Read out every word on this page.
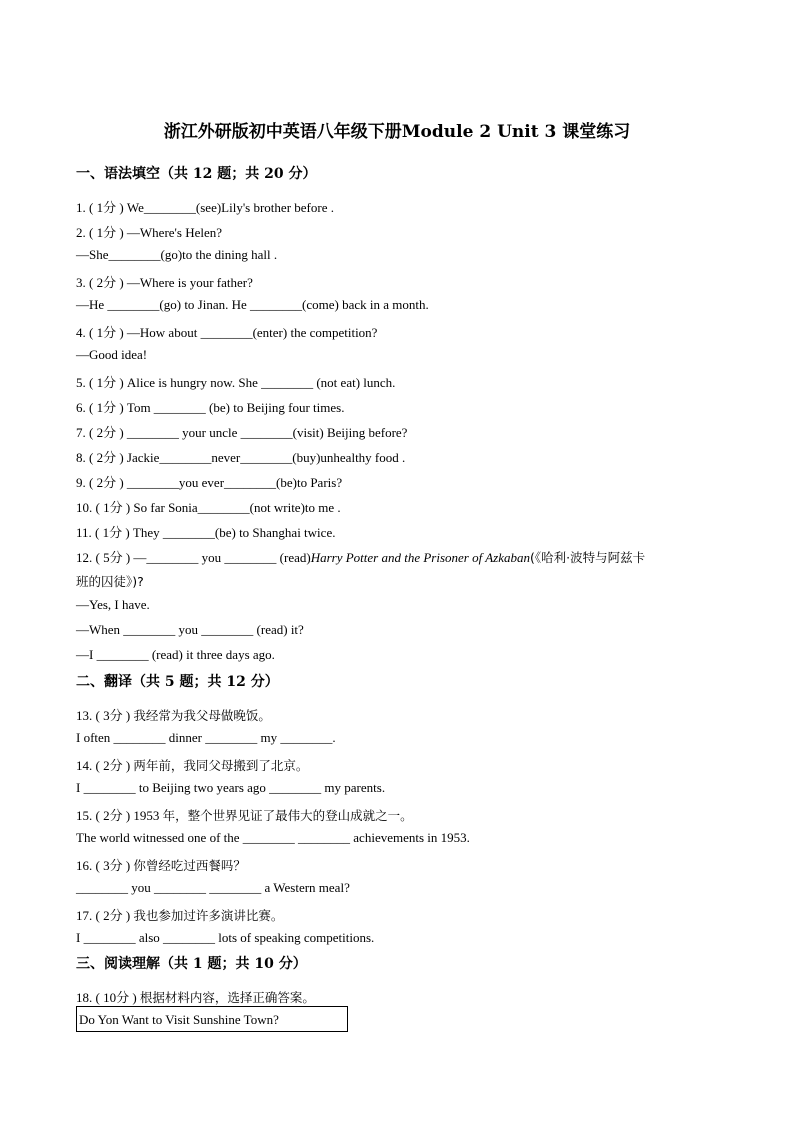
浙江外研版初中英语八年级下册Module 2 Unit 3 课堂练习
一、语法填空（共 12 题；共 20 分）
1. ( 1分 ) We________(see)Lily's brother before .
2. ( 1分 ) —Where's Helen?
—She________(go)to the dining hall .
3. ( 2分 ) —Where is your father?
—He ________(go) to Jinan. He ________(come) back in a month.
4. ( 1分 ) —How about ________(enter) the competition?
—Good idea!
5. ( 1分 ) Alice is hungry now. She ________ (not eat) lunch.
6. ( 1分 ) Tom ________ (be) to Beijing four times.
7. ( 2分 ) ________ your uncle ________(visit) Beijing before?
8. ( 2分 ) Jackie________never________(buy)unhealthy food .
9. ( 2分 ) ________you ever________(be)to Paris?
10. ( 1分 ) So far Sonia________(not write)to me .
11. ( 1分 ) They ________(be) to Shanghai twice.
12. ( 5分 ) —________ you ________ (read)Harry Potter and the Prisoner of Azkaban(《哈利·波特与阿兹卡
班的囚徒》)?
—Yes, I have.
—When ________ you ________ (read) it?
—I ________ (read) it three days ago.
二、翻译（共 5 题；共 12 分）
13. ( 3分 ) 我经常为我父母做晚饭。
I often ________ dinner ________ my ________.
14. ( 2分 ) 两年前，我同父母搬到了北京。
I ________ to Beijing two years ago ________ my parents.
15. ( 2分 ) 1953 年，整个世界见证了最伟大的登山成就之一。
The world witnessed one of the ________ ________ achievements in 1953.
16. ( 3分 ) 你曾经吃过西餐吗？
________ you ________ ________ a Western meal?
17. ( 2分 ) 我也参加过许多演讲比赛。
I ________ also ________ lots of speaking competitions.
三、阅读理解（共 1 题；共 10 分）
18. ( 10分 ) 根据材料内容，选择正确答案。
Do Yon Want to Visit Sunshine Town?
